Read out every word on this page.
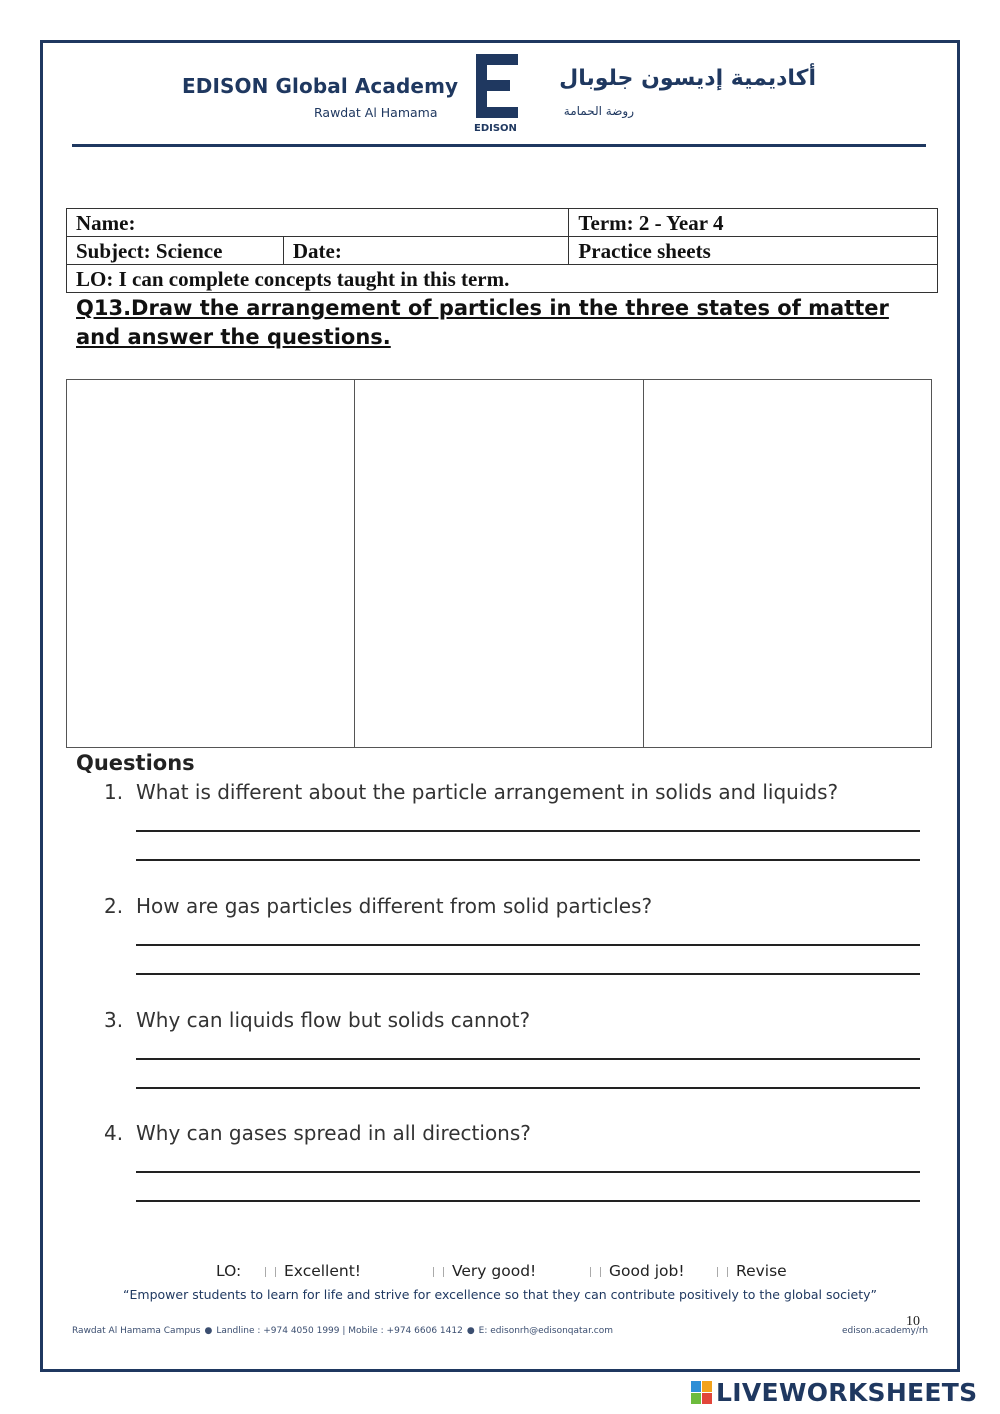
EDISON Global Academy
Rawdat Al Hamama
EDISON
أكاديمية إديسون جلوبال
روضة الحمامة
Name:		Term: 2 - Year 4
Subject: Science	Date:	Practice sheets
LO: I can complete concepts taught in this term.		
Q13.Draw the arrangement of particles in the three states of matter and answer the questions.
Questions
1. What is different about the particle arrangement in solids and liquids?
2. How are gas particles different from solid particles?
3. Why can liquids flow but solids cannot?
4. Why can gases spread in all directions?
LO:	Excellent!	Very good!	Good job!	Revise
“Empower students to learn for life and strive for excellence so that they can contribute positively to the global society”
Rawdat Al Hamama Campus ● Landline : +974 4050 1999 | Mobile : +974 6606 1412 ● E: edisonrh@edisonqatar.com	edison.academy/rh
10
LIVEWORKSHEETS
